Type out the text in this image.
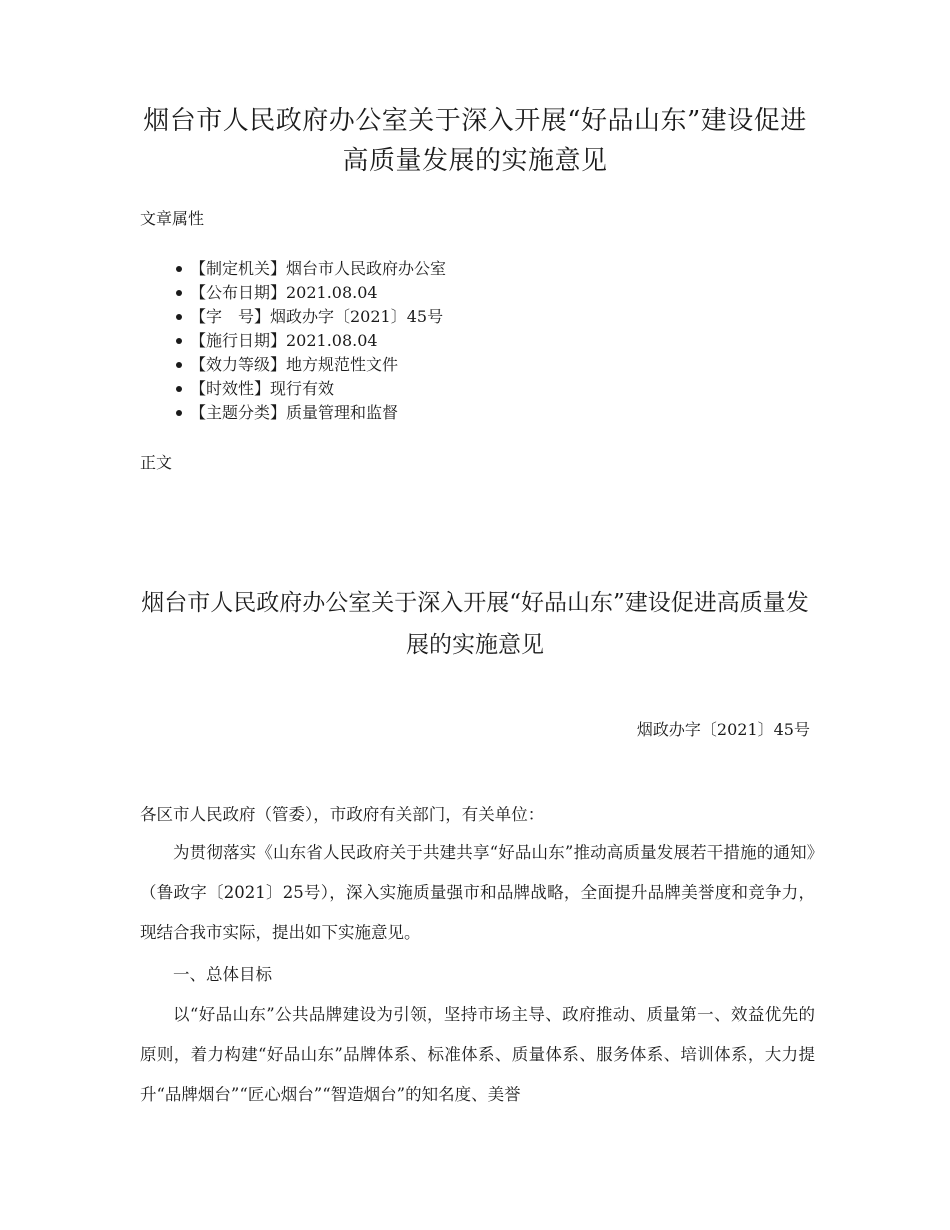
烟台市人民政府办公室关于深入开展“好品山东”建设促进高质量发展的实施意见

文章属性

【制定机关】烟台市人民政府办公室
【公布日期】2021.08.04
【字　号】烟政办字〔2021〕45号
【施行日期】2021.08.04
【效力等级】地方规范性文件
【时效性】现行有效
【主题分类】质量管理和监督

正文

烟台市人民政府办公室关于深入开展“好品山东”建设促进高质量发展的实施意见

烟政办字〔2021〕45号

各区市人民政府（管委），市政府有关部门，有关单位：

为贯彻落实《山东省人民政府关于共建共享“好品山东”推动高质量发展若干措施的通知》（鲁政字〔2021〕25号），深入实施质量强市和品牌战略，全面提升品牌美誉度和竞争力，现结合我市实际，提出如下实施意见。

一、总体目标

以“好品山东”公共品牌建设为引领，坚持市场主导、政府推动、质量第一、效益优先的原则，着力构建“好品山东”品牌体系、标准体系、质量体系、服务体系、培训体系，大力提升“品牌烟台”“匠心烟台”“智造烟台”的知名度、美誉
